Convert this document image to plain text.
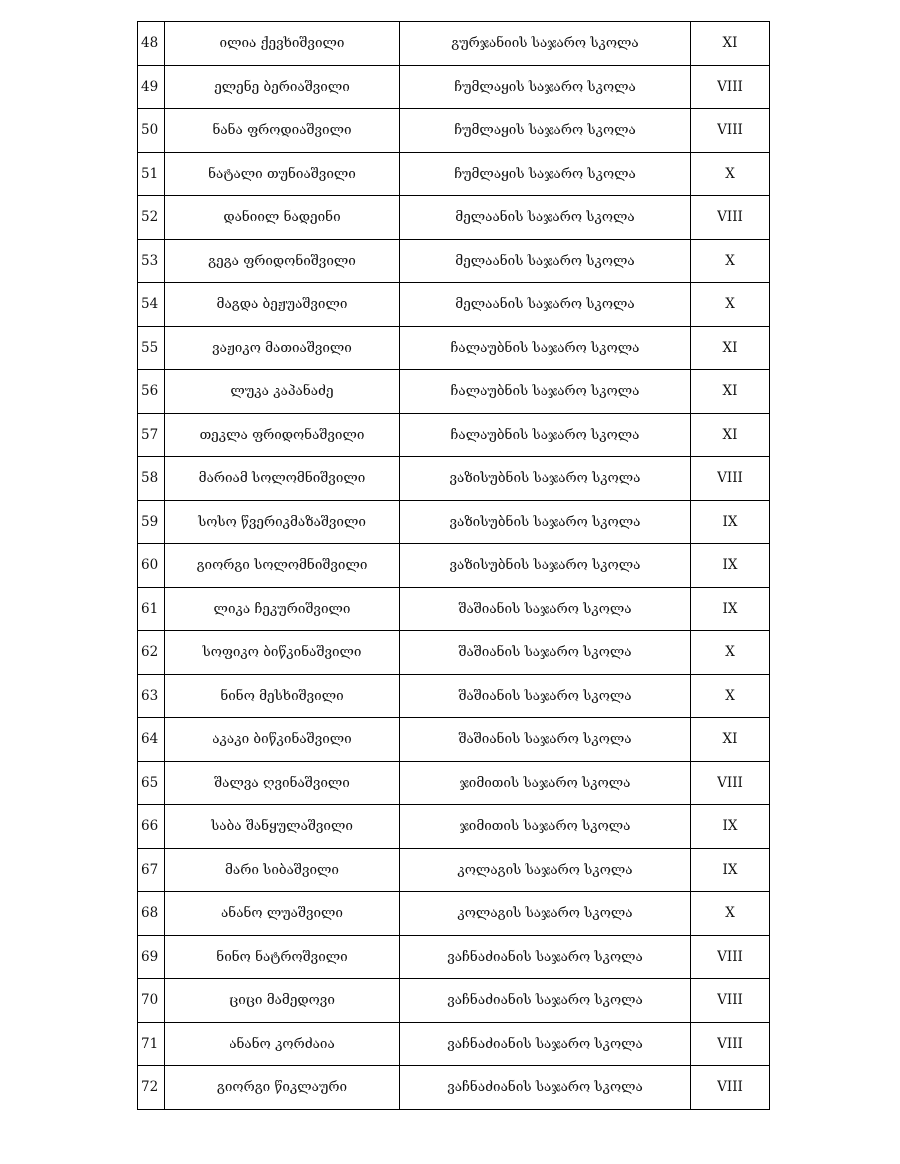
48	ილია ქევხიშვილი	გურჯანიის საჯარო სკოლა	XI
49	ელენე ბერიაშვილი	ჩუმლაყის საჯარო სკოლა	VIII
50	ნანა ფროდიაშვილი	ჩუმლაყის საჯარო სკოლა	VIII
51	ნატალი თუნიაშვილი	ჩუმლაყის საჯარო სკოლა	X
52	დანიილ ნადეინი	მელაანის საჯარო სკოლა	VIII
53	გეგა ფრიდონიშვილი	მელაანის საჯარო სკოლა	X
54	მაგდა ბეჟუაშვილი	მელაანის საჯარო სკოლა	X
55	ვაჟიკო მათიაშვილი	ჩალაუბნის საჯარო სკოლა	XI
56	ლუკა კაპანაძე	ჩალაუბნის საჯარო სკოლა	XI
57	თეკლა ფრიდონაშვილი	ჩალაუბნის საჯარო სკოლა	XI
58	მარიამ სოლომნიშვილი	ვაზისუბნის საჯარო სკოლა	VIII
59	სოსო წვერიკმაზაშვილი	ვაზისუბნის საჯარო სკოლა	IX
60	გიორგი სოლომნიშვილი	ვაზისუბნის საჯარო სკოლა	IX
61	ლიკა ჩეკურიშვილი	შაშიანის საჯარო სკოლა	IX
62	სოფიკო ბიწკინაშვილი	შაშიანის საჯარო სკოლა	X
63	ნინო მესხიშვილი	შაშიანის საჯარო სკოლა	X
64	აკაკი ბიწკინაშვილი	შაშიანის საჯარო სკოლა	XI
65	შალვა ღვინაშვილი	ჯიმითის საჯარო სკოლა	VIII
66	საბა შანყულაშვილი	ჯიმითის საჯარო სკოლა	IX
67	მარი სიბაშვილი	კოლაგის საჯარო სკოლა	IX
68	ანანო ლუაშვილი	კოლაგის საჯარო სკოლა	X
69	ნინო ნატროშვილი	ვაჩნაძიანის საჯარო სკოლა	VIII
70	ციცი მამედოვი	ვაჩნაძიანის საჯარო სკოლა	VIII
71	ანანო კორძაია	ვაჩნაძიანის საჯარო სკოლა	VIII
72	გიორგი წიკლაური	ვაჩნაძიანის საჯარო სკოლა	VIII
